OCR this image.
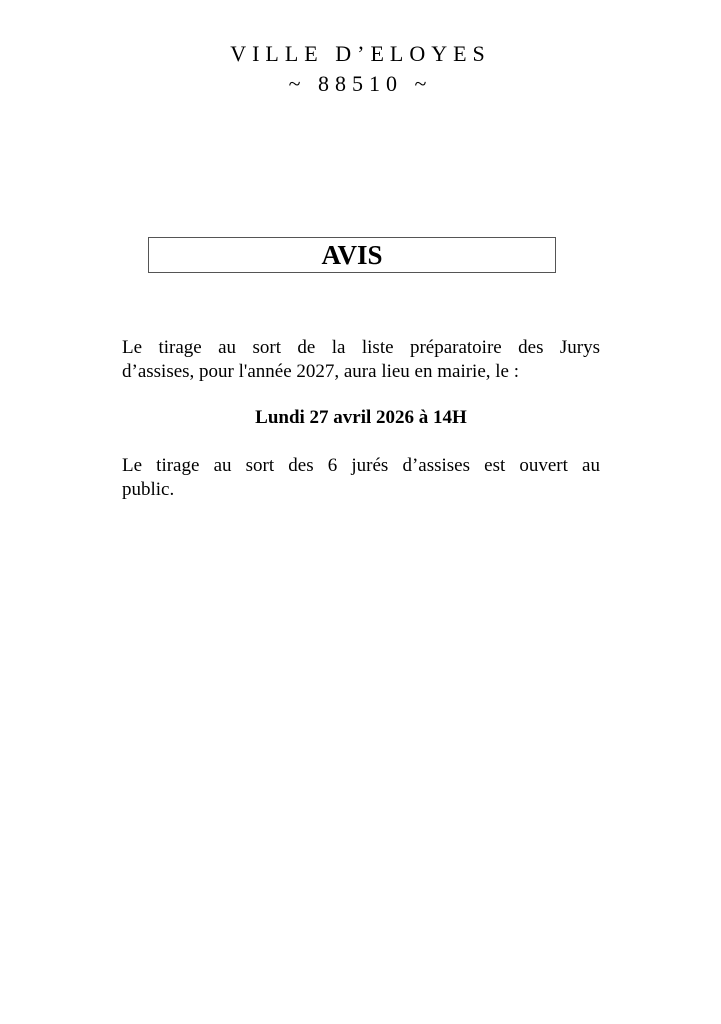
VILLE D’ELOYES
~ 88510 ~
AVIS
Le tirage au sort de la liste préparatoire des Jurys
d’assises, pour l'année 2027, aura lieu en mairie, le :
Lundi 27 avril 2026 à 14H
Le tirage au sort des 6 jurés d’assises est ouvert au
public.
